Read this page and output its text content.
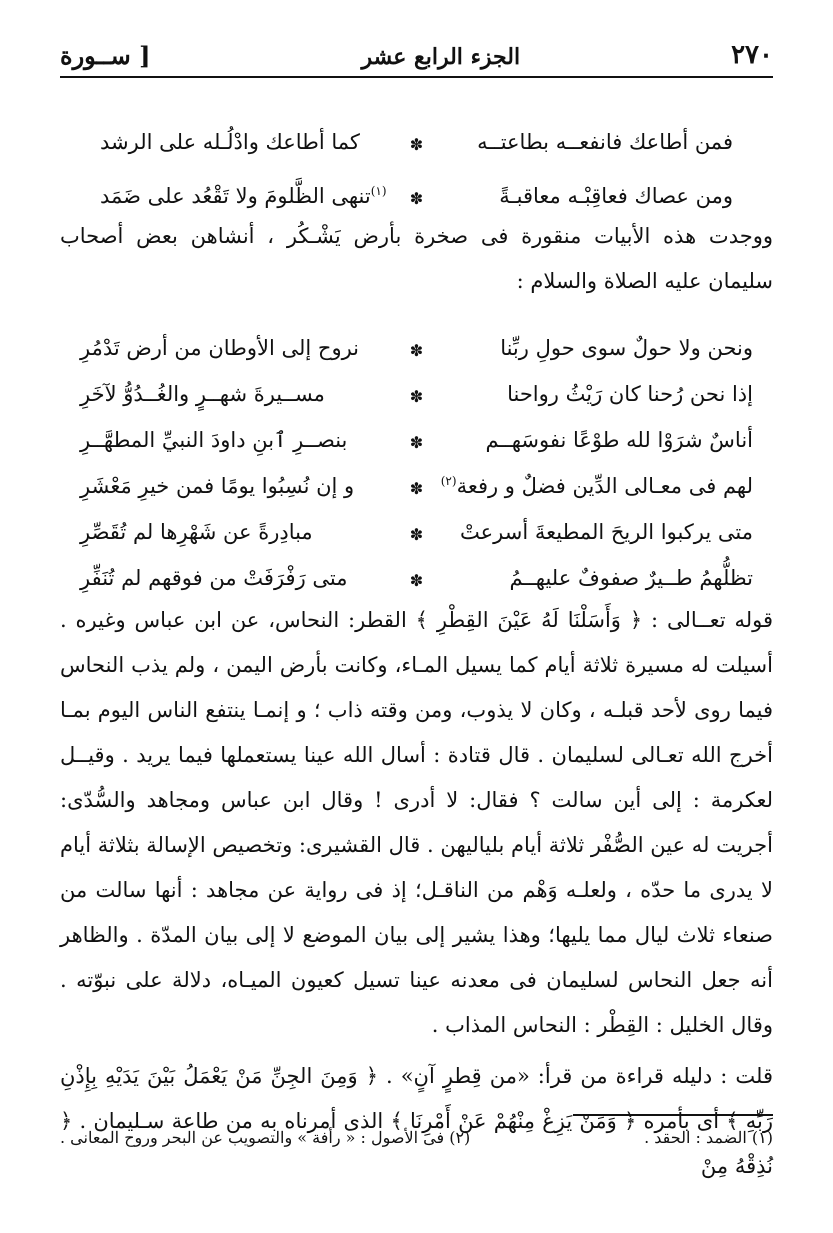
٢٧٠
الجزء الرابع عشر
[ ســورة
فمن أطاعك فانفعــه بطاعتــه
✽
كما أطاعك وادْلُـله على الرشد
ومن عصاك فعاقِبْـه معاقبـةً
✽
$^{(١)}$تنهى الظَّلومَ ولا تَقْعُد على ضَمَد

ووجدت هذه الأبيات منقورة فى صخرة بأرض يَشْـكُر ، أنشاهن بعض أصحاب سليمان عليه الصلاة والسلام :

ونحن ولا حولٌ سوى حولِ ربِّنا
✽
نروح إلى الأوطان من أرض تَدْمُرِ
إذا نحن رُحنا كان رَيْثُ رواحنا
✽
مســيرةَ شهــرٍ والغُــدُوُّ لآخَرِ
أناسٌ شرَوْا لله طوْعًا نفوسَهــم
✽
بنصــرِ ٱبنِ داودَ النبيِّ المطهَّــرِ
لهم فى معـالى الدِّين فضلٌ و رفعة$^{(٢)}$
✽
و إن نُسِبُوا يومًا فمن خيرِ مَعْشَرِ
متى يركبوا الريحَ المطيعةَ أسرعتْ
✽
مبادِرةً عن شَهْرِها لم تُقَصِّرِ
تظلُّهمُ طــيرٌ صفوفٌ عليهــمُ
✽
متى رَفْرَفَتْ من فوقهم لم تُنَفِّرِ

قوله تعــالى : ﴿ وَأَسَلْنَا لَهُ عَيْنَ القِطْرِ ﴾ القطر: النحاس، عن ابن عباس وغيره . أسيلت له مسيرة ثلاثة أيام كما يسيل المـاء، وكانت بأرض اليمن ، ولم يذب النحاس فيما روى لأحد قبلـه ، وكان لا يذوب، ومن وقته ذاب ؛ و إنمـا ينتفع الناس اليوم بمـا أخرج الله تعـالى لسليمان . قال قتادة : أسال الله عينا يستعملها فيما يريد . وقيــل لعكرمة : إلى أين سالت ؟ فقال: لا أدرى ! وقال ابن عباس ومجاهد والسُّدّى: أجريت له عين الصُّفْر ثلاثة أيام بلياليهن . قال القشيرى: وتخصيص الإسالة بثلاثة أيام لا يدرى ما حدّه ، ولعلـه وَهْم من الناقـل؛ إذ فى رواية عن مجاهد : أنها سالت من صنعاء ثلاث ليال مما يليها؛ وهذا يشير إلى بيان الموضع لا إلى بيان المدّة . والظاهر أنه جعل النحاس لسليمان فى معدنه عينا تسيل كعيون الميـاه، دلالة على نبوّته . وقال الخليل : القِطْر : النحاس المذاب .

قلت : دليله قراءة من قرأ: «من قِطرٍ آنٍ» . ﴿ وَمِنَ الجِنِّ مَنْ يَعْمَلُ بَيْنَ يَدَيْهِ بِإِذْنِ رَبِّهِ ﴾ أى بأمره ﴿ وَمَنْ يَزِغْ مِنْهُمْ عَنْ أَمْرِنَا ﴾ الذى أمرناه به من طاعة سـليمان . ﴿ نُذِقْهُ مِنْ

(١) الضمد : الحقد .
(٢) فى الأصول : « رأفة » والتصويب عن البحر وروح المعانى .
